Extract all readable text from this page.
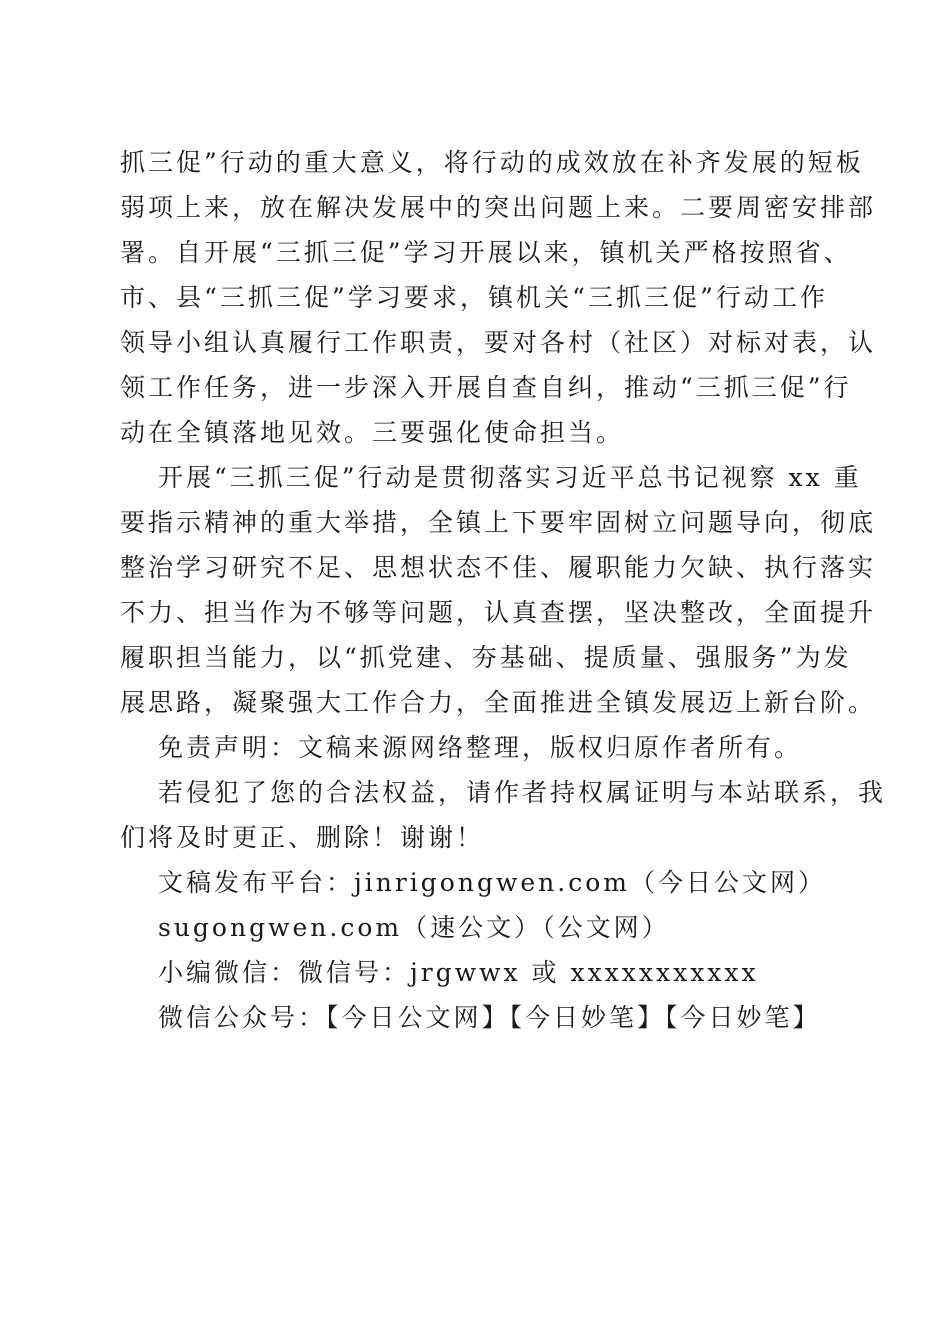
抓三促”行动的重大意义，将行动的成效放在补齐发展的短板
弱项上来，放在解决发展中的突出问题上来。二要周密安排部
署。自开展“三抓三促”学习开展以来，镇机关严格按照省、
市、县“三抓三促”学习要求，镇机关“三抓三促”行动工作
领导小组认真履行工作职责，要对各村（社区）对标对表，认
领工作任务，进一步深入开展自查自纠，推动“三抓三促”行
动在全镇落地见效。三要强化使命担当。
开展“三抓三促”行动是贯彻落实习近平总书记视察 xx 重
要指示精神的重大举措，全镇上下要牢固树立问题导向，彻底
整治学习研究不足、思想状态不佳、履职能力欠缺、执行落实
不力、担当作为不够等问题，认真查摆，坚决整改，全面提升
履职担当能力，以“抓党建、夯基础、提质量、强服务”为发
展思路，凝聚强大工作合力，全面推进全镇发展迈上新台阶。
免责声明：文稿来源网络整理，版权归原作者所有。
若侵犯了您的合法权益，请作者持权属证明与本站联系，我
们将及时更正、删除！谢谢！
文稿发布平台：jinrigongwen.com（今日公文网）
sugongwen.com（速公文）（公文网）
小编微信：微信号：jrgwwx 或 xxxxxxxxxxx
微信公众号：【今日公文网】【今日妙笔】【今日妙笔】
